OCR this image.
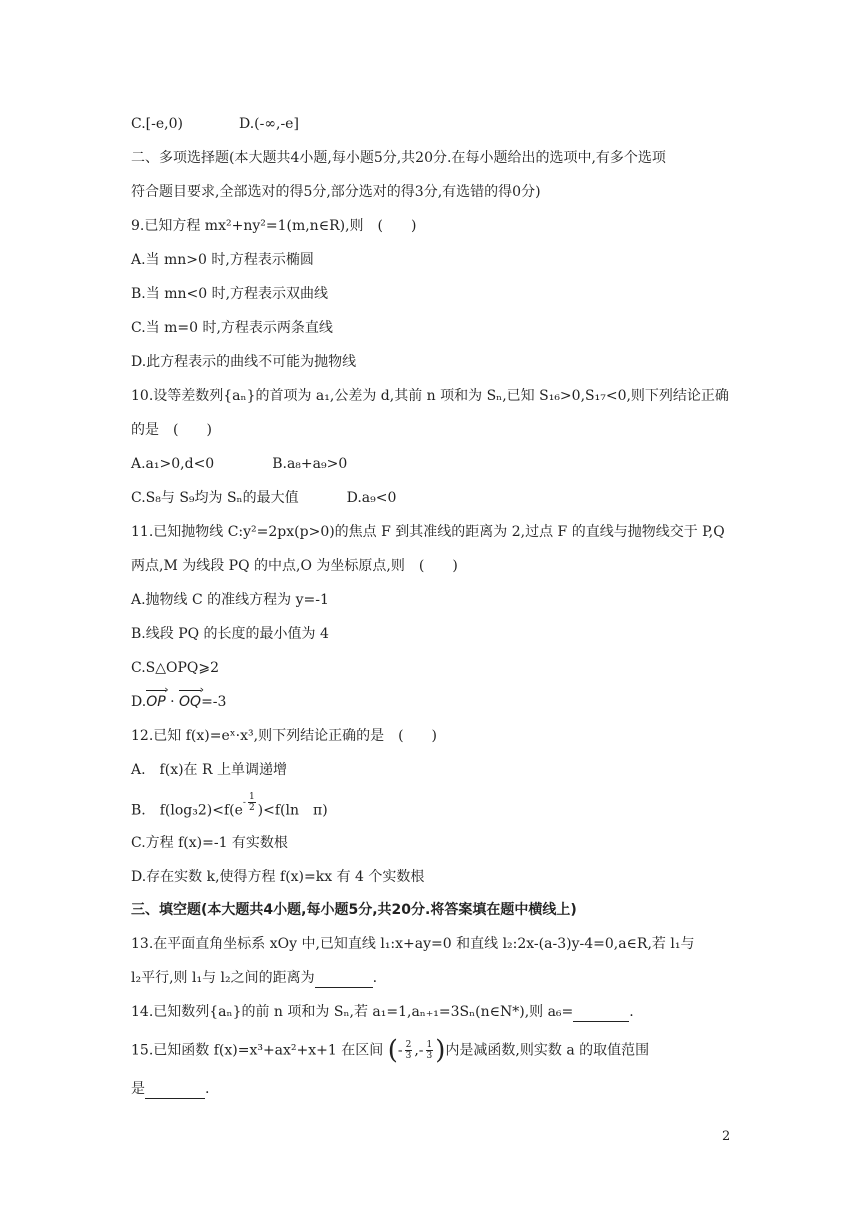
C.[-e,0)	D.(-∞,-e]
二、多项选择题(本大题共4小题,每小题5分,共20分.在每小题给出的选项中,有多个选项
符合题目要求,全部选对的得5分,部分选对的得3分,有选错的得0分)
9.已知方程 mx²+ny²=1(m,n∈R),则　(　　)
A.当 mn>0 时,方程表示椭圆
B.当 mn<0 时,方程表示双曲线
C.当 m=0 时,方程表示两条直线
D.此方程表示的曲线不可能为抛物线
10.设等差数列{aₙ}的首项为 a₁,公差为 d,其前 n 项和为 Sₙ,已知 S₁₆>0,S₁₇<0,则下列结论正确
的是　(　　)
A.a₁>0,d<0	B.a₈+a₉>0
C.S₈与 S₉均为 Sₙ的最大值	D.a₉<0
11.已知抛物线 C:y²=2px(p>0)的焦点 F 到其准线的距离为 2,过点 F 的直线与抛物线交于 P,Q
两点,M 为线段 PQ 的中点,O 为坐标原点,则　(　　)
A.抛物线 C 的准线方程为 y=-1
B.线段 PQ 的长度的最小值为 4
C.S△OPQ⩾2
D.OP › · OQ ›=-3
12.已知 f(x)=eˣ·x³,则下列结论正确的是　(　　)
A.　f(x)在 R 上单调递增
B.　$f(\log_32)<f(e^{- \frac{1}{2}}$ )<f(ln　π)
C.方程 f(x)=-1 有实数根
D.存在实数 k,使得方程 f(x)=kx 有 4 个实数根
三、填空题(本大题共4小题,每小题5分,共20分.将答案填在题中横线上)
13.在平面直角坐标系 xOy 中,已知直线 l₁:x+ay=0 和直线 l₂:2x-(a-3)y-4=0,a∈R,若 l₁与
l₂平行,则 l₁与 l₂之间的距离为	.
14.已知数列{aₙ}的前 n 项和为 Sₙ,若 a₁=1,aₙ₊₁=3Sₙ(n∈N*),则 a₆=	.
15.已知函数 f(x)=x³+ax²+x+1 在区间 (- $\frac{2}{3}$ ,- $\frac{1}{3}$ )内是减函数,则实数 a 的取值范围
是	.
2
